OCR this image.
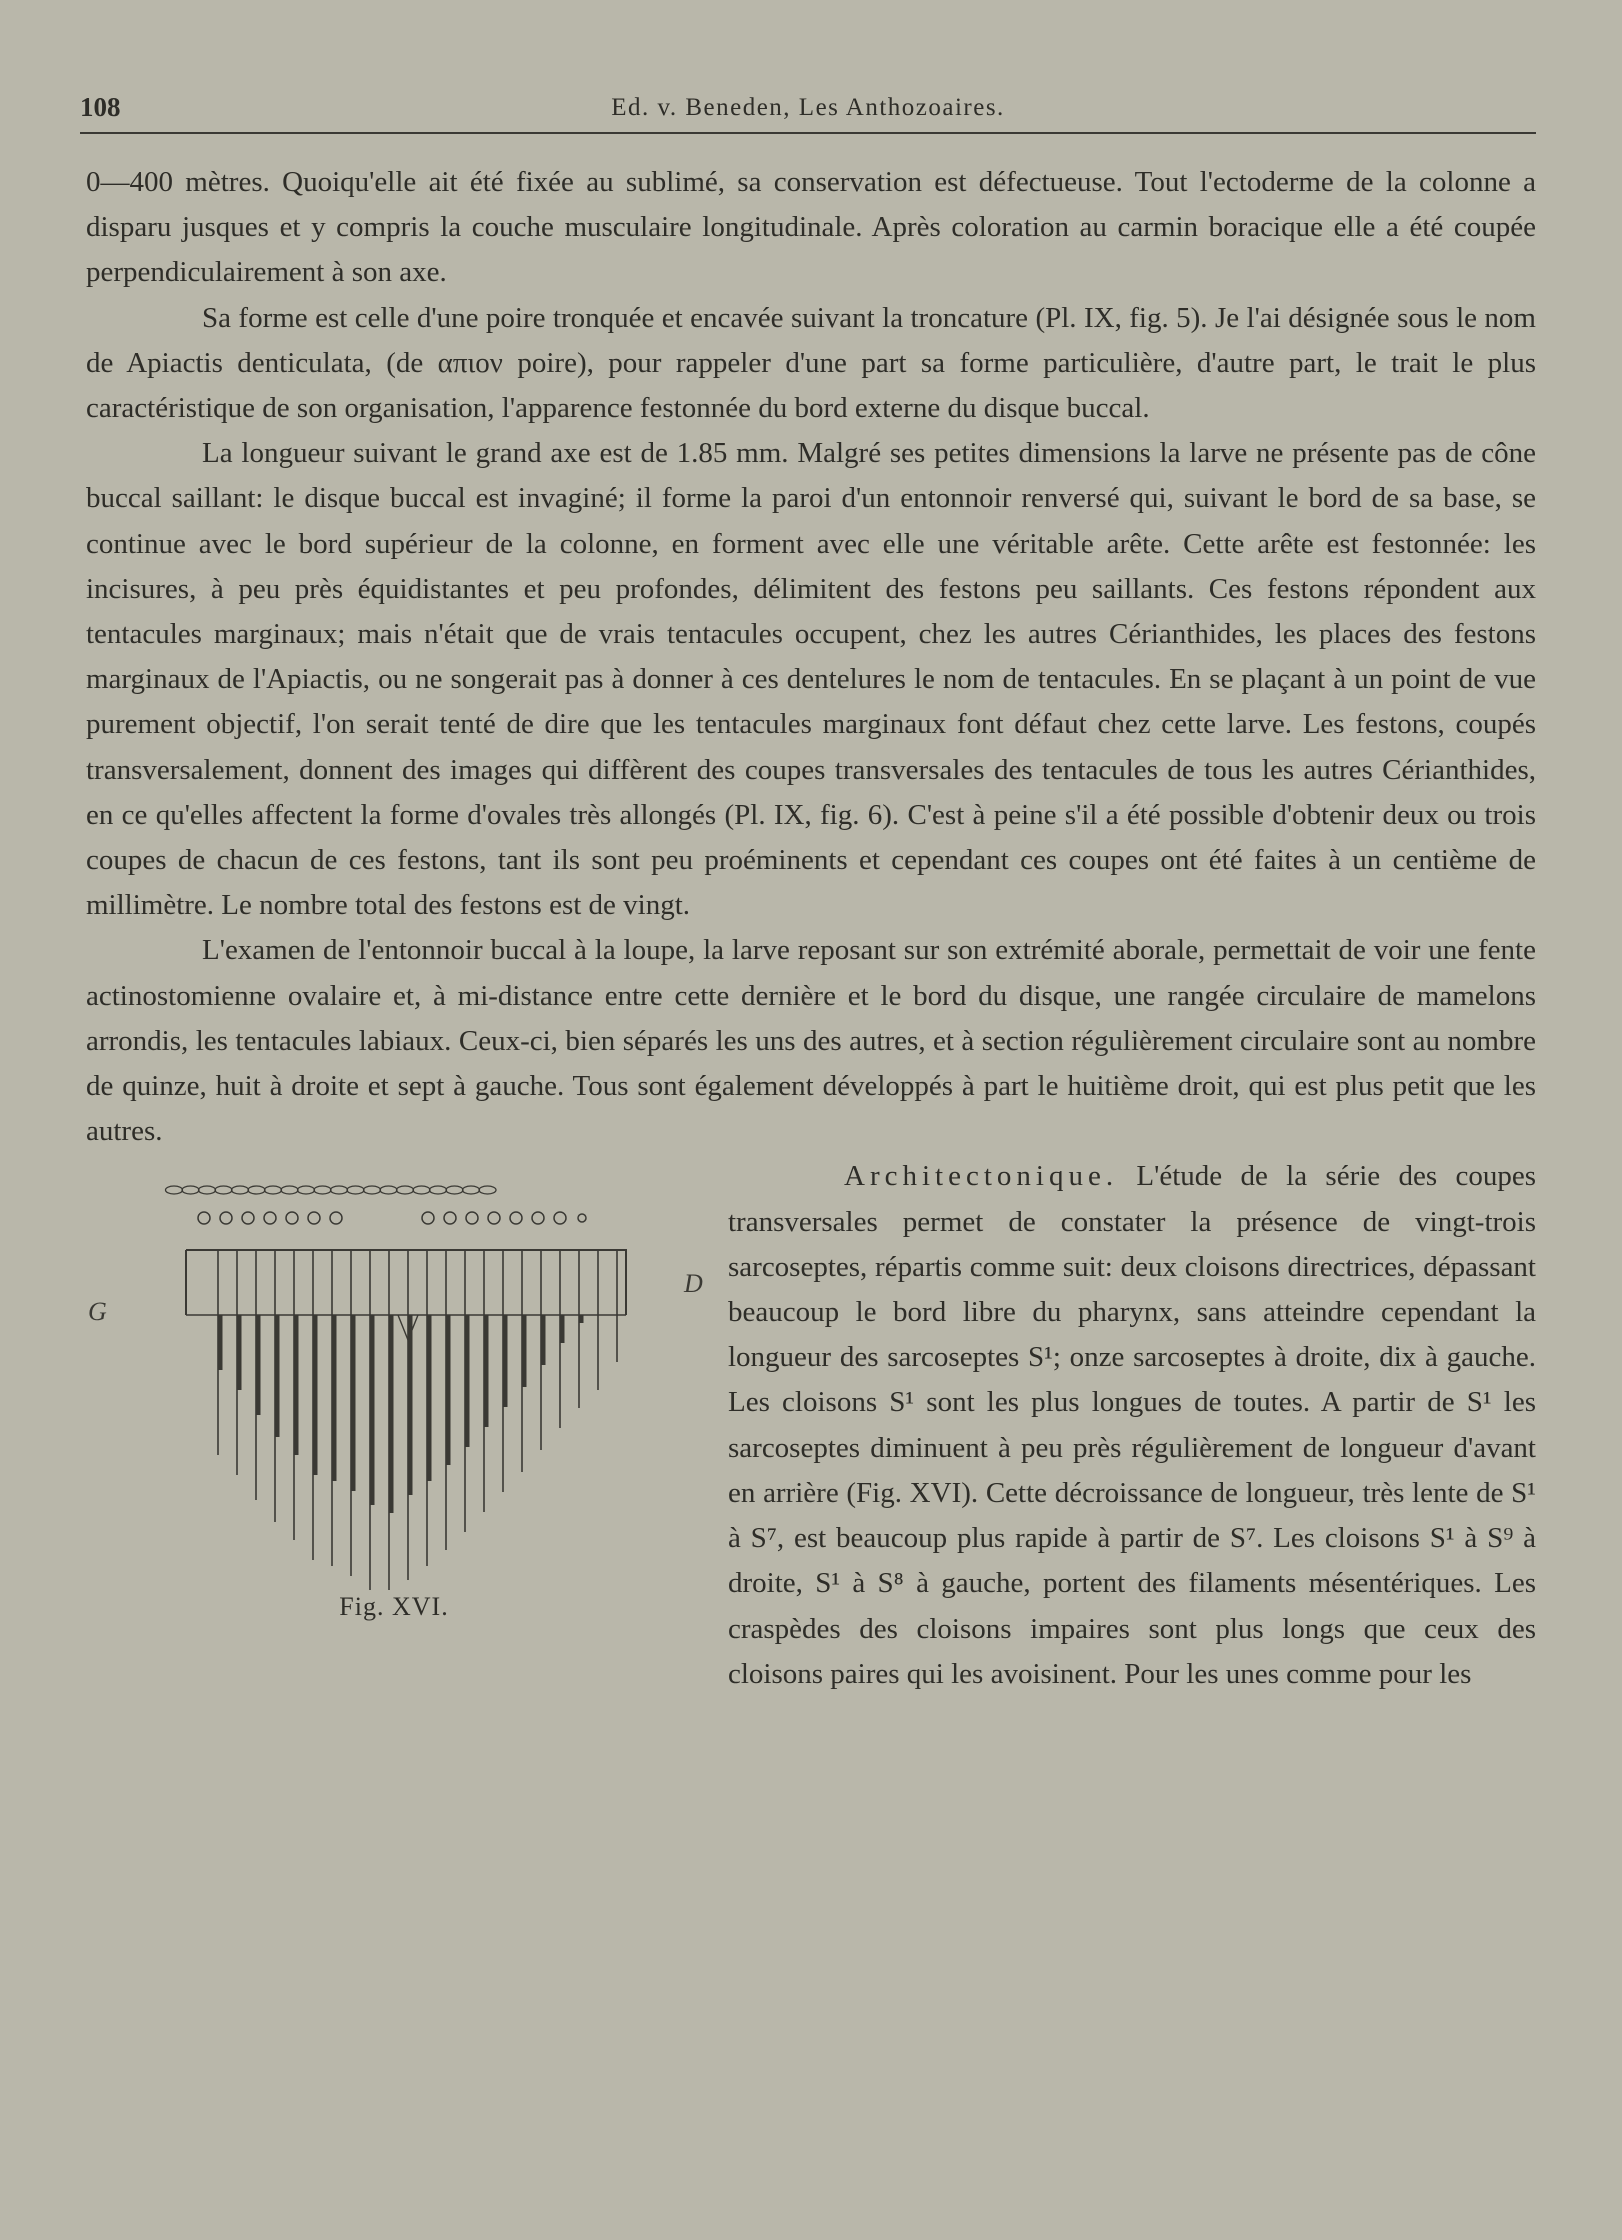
108	Ed. v. Beneden, Les Anthozoaires.

0—400 mètres. Quoiqu'elle ait été fixée au sublimé, sa conservation est défectueuse. Tout l'ectoderme de la colonne a disparu jusques et y compris la couche musculaire longitudinale. Après coloration au carmin boracique elle a été coupée perpendiculairement à son axe.

Sa forme est celle d'une poire tronquée et encavée suivant la troncature (Pl. IX, fig. 5). Je l'ai désignée sous le nom de Apiactis denticulata, (de απιον poire), pour rappeler d'une part sa forme particulière, d'autre part, le trait le plus caractéristique de son organisation, l'apparence festonnée du bord externe du disque buccal.

La longueur suivant le grand axe est de 1.85 mm. Malgré ses petites dimensions la larve ne présente pas de cône buccal saillant: le disque buccal est invaginé; il forme la paroi d'un entonnoir renversé qui, suivant le bord de sa base, se continue avec le bord supérieur de la colonne, en forment avec elle une véritable arête. Cette arête est festonnée: les incisures, à peu près équidistantes et peu profondes, délimitent des festons peu saillants. Ces festons répondent aux tentacules marginaux; mais n'était que de vrais tentacules occupent, chez les autres Cérianthides, les places des festons marginaux de l'Apiactis, ou ne songerait pas à donner à ces dentelures le nom de tentacules. En se plaçant à un point de vue purement objectif, l'on serait tenté de dire que les tentacules marginaux font défaut chez cette larve. Les festons, coupés transversalement, donnent des images qui diffèrent des coupes transversales des tentacules de tous les autres Cérianthides, en ce qu'elles affectent la forme d'ovales très allongés (Pl. IX, fig. 6). C'est à peine s'il a été possible d'obtenir deux ou trois coupes de chacun de ces festons, tant ils sont peu proéminents et cependant ces coupes ont été faites à un centième de millimètre. Le nombre total des festons est de vingt.

L'examen de l'entonnoir buccal à la loupe, la larve reposant sur son extrémité aborale, permettait de voir une fente actinostomienne ovalaire et, à mi-distance entre cette dernière et le bord du disque, une rangée circulaire de mamelons arrondis, les tentacules labiaux. Ceux-ci, bien séparés les uns des autres, et à section régulièrement circulaire sont au nombre de quinze, huit à droite et sept à gauche. Tous sont également développés à part le huitième droit, qui est plus petit que les autres.

Architectonique.
G
D
Fig. XVI.
L'étude de la série des coupes transversales permet de constater la présence de vingt-trois sarcoseptes, répartis comme suit: deux cloisons directrices, dépassant beaucoup le bord libre du pharynx, sans atteindre cependant la longueur des sarcoseptes S¹; onze sarcoseptes à droite, dix à gauche. Les cloisons S¹ sont les plus longues de toutes. A partir de S¹ les sarcoseptes diminuent à peu près régulièrement de longueur d'avant en arrière (Fig. XVI). Cette décroissance de longueur, très lente de S¹ à S⁷, est beaucoup plus rapide à partir de S⁷. Les cloisons S¹ à S⁹ à droite, S¹ à S⁸ à gauche, portent des filaments mésentériques. Les craspèdes des cloisons impaires sont plus longs que ceux des cloisons paires qui les avoisinent. Pour les unes comme pour les
